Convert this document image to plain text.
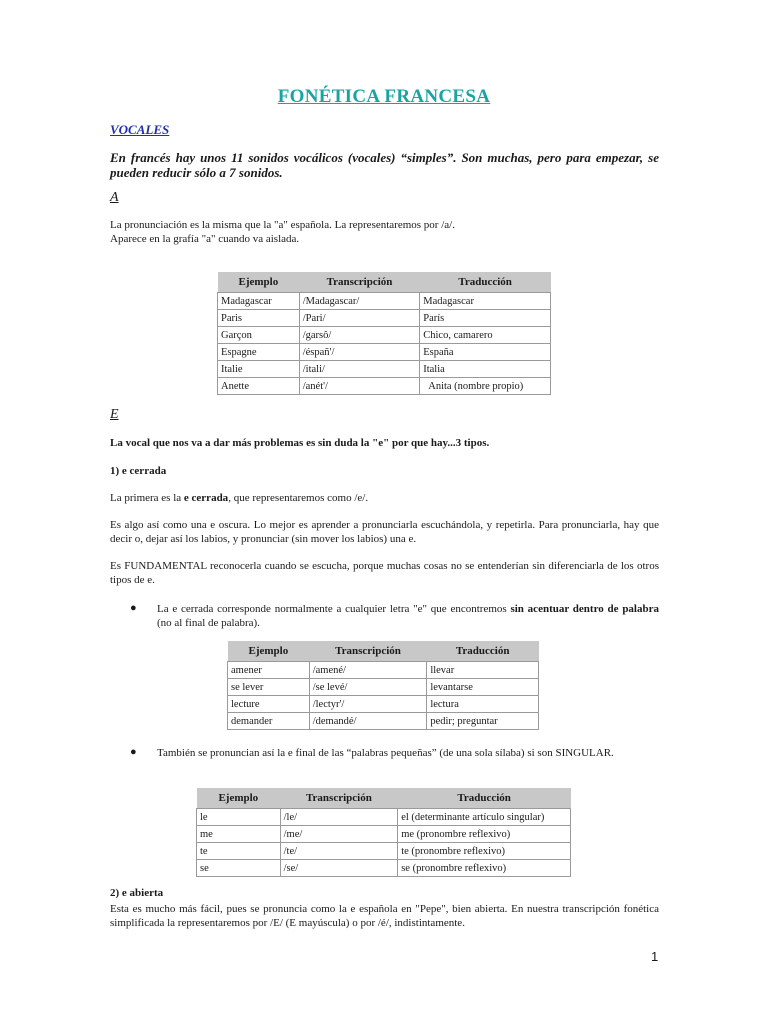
FONÉTICA FRANCESA
VOCALES
En francés hay unos 11 sonidos vocálicos (vocales) “simples”. Son muchas, pero para empezar, se pueden reducir sólo a 7 sonidos.
A
La pronunciación es la misma que la "a" española. La representaremos por /a/.
Aparece en la grafía "a" cuando va aislada.
Ejemplo	Transcripción	Traducción
Madagascar	/Madagascar/	Madagascar
Paris	/Pari/	París
Garçon	/garsô/	Chico, camarero
Espagne	/éspañ'/	España
Italie	/itali/	Italia
Anette	/anét'/	Anita (nombre propio)
E
La vocal que nos va a dar más problemas es sin duda la "e" por que hay...3 tipos.
1) e cerrada
La primera es la e cerrada, que representaremos como /e/.
Es algo así como una e oscura. Lo mejor es aprender a pronunciarla escuchándola, y repetirla. Para pronunciarla, hay que decir o, dejar así los labios, y pronunciar (sin mover los labios) una e.
Es FUNDAMENTAL reconocerla cuando se escucha, porque muchas cosas no se entenderían sin diferenciarla de los otros tipos de e.
● La e cerrada corresponde normalmente a cualquier letra "e" que encontremos sin acentuar dentro de palabra (no al final de palabra).
Ejemplo	Transcripción	Traducción
amener	/amené/	llevar
se lever	/se levé/	levantarse
lecture	/lectyr'/	lectura
demander	/demandé/	pedir; preguntar
● También se pronuncian así la e final de las “palabras pequeñas” (de una sola sílaba) si son SINGULAR.
Ejemplo	Transcripción	Traducción
le	/le/	el (determinante artículo singular)
me	/me/	me (pronombre reflexivo)
te	/te/	te (pronombre reflexivo)
se	/se/	se (pronombre reflexivo)
2) e abierta
Esta es mucho más fácil, pues se pronuncia como la e española en "Pepe", bien abierta. En nuestra transcripción fonética simplificada la representaremos por /E/ (E mayúscula) o por /é/, indistintamente.
1
